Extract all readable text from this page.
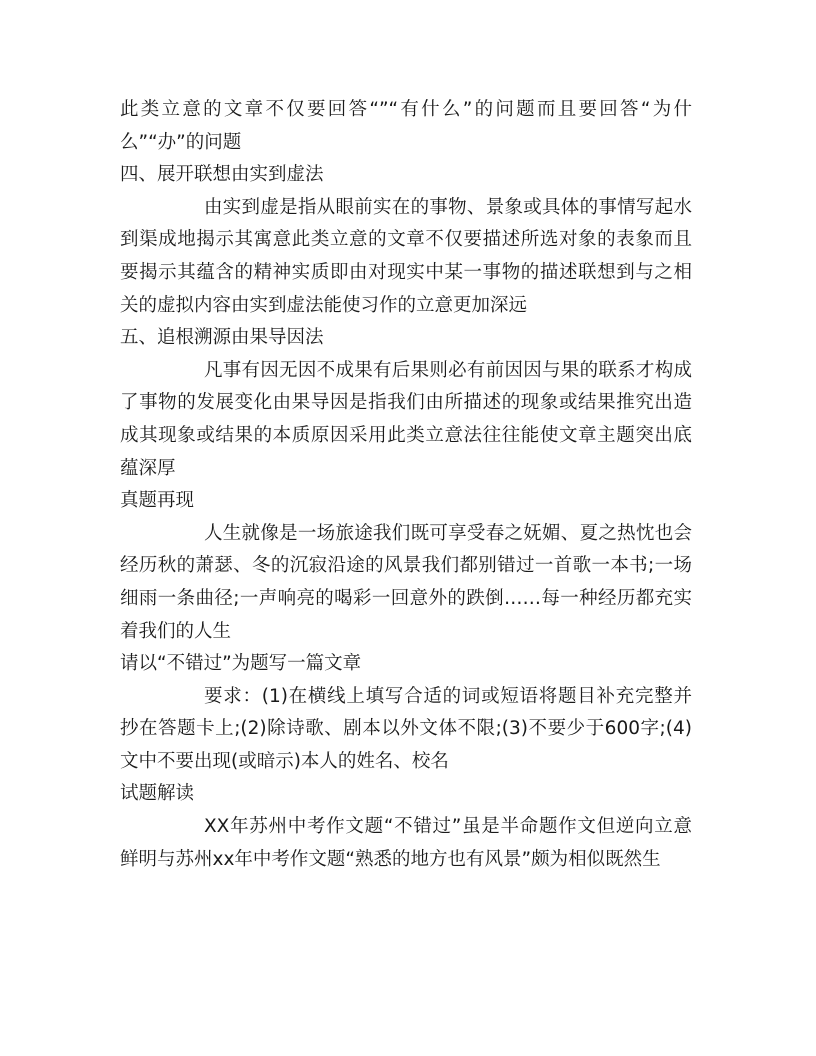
此类立意的文章不仅要回答“”“有什么”的问题而且要回答“为什么”“办”的问题

四、展开联想由实到虚法

由实到虚是指从眼前实在的事物、景象或具体的事情写起水到渠成地揭示其寓意此类立意的文章不仅要描述所选对象的表象而且要揭示其蕴含的精神实质即由对现实中某一事物的描述联想到与之相关的虚拟内容由实到虚法能使习作的立意更加深远

五、追根溯源由果导因法

凡事有因无因不成果有后果则必有前因因与果的联系才构成了事物的发展变化由果导因是指我们由所描述的现象或结果推究出造成其现象或结果的本质原因采用此类立意法往往能使文章主题突出底蕴深厚

真题再现

人生就像是一场旅途我们既可享受春之妩媚、夏之热忱也会经历秋的萧瑟、冬的沉寂沿途的风景我们都别错过一首歌一本书;一场细雨一条曲径;一声响亮的喝彩一回意外的跌倒……每一种经历都充实着我们的人生

请以“不错过”为题写一篇文章

要求：(1)在横线上填写合适的词或短语将题目补充完整并抄在答题卡上;(2)除诗歌、剧本以外文体不限;(3)不要少于600字;(4)文中不要出现(或暗示)本人的姓名、校名

试题解读

XX年苏州中考作文题“不错过”虽是半命题作文但逆向立意鲜明与苏州xx年中考作文题“熟悉的地方也有风景”颇为相似既然生
